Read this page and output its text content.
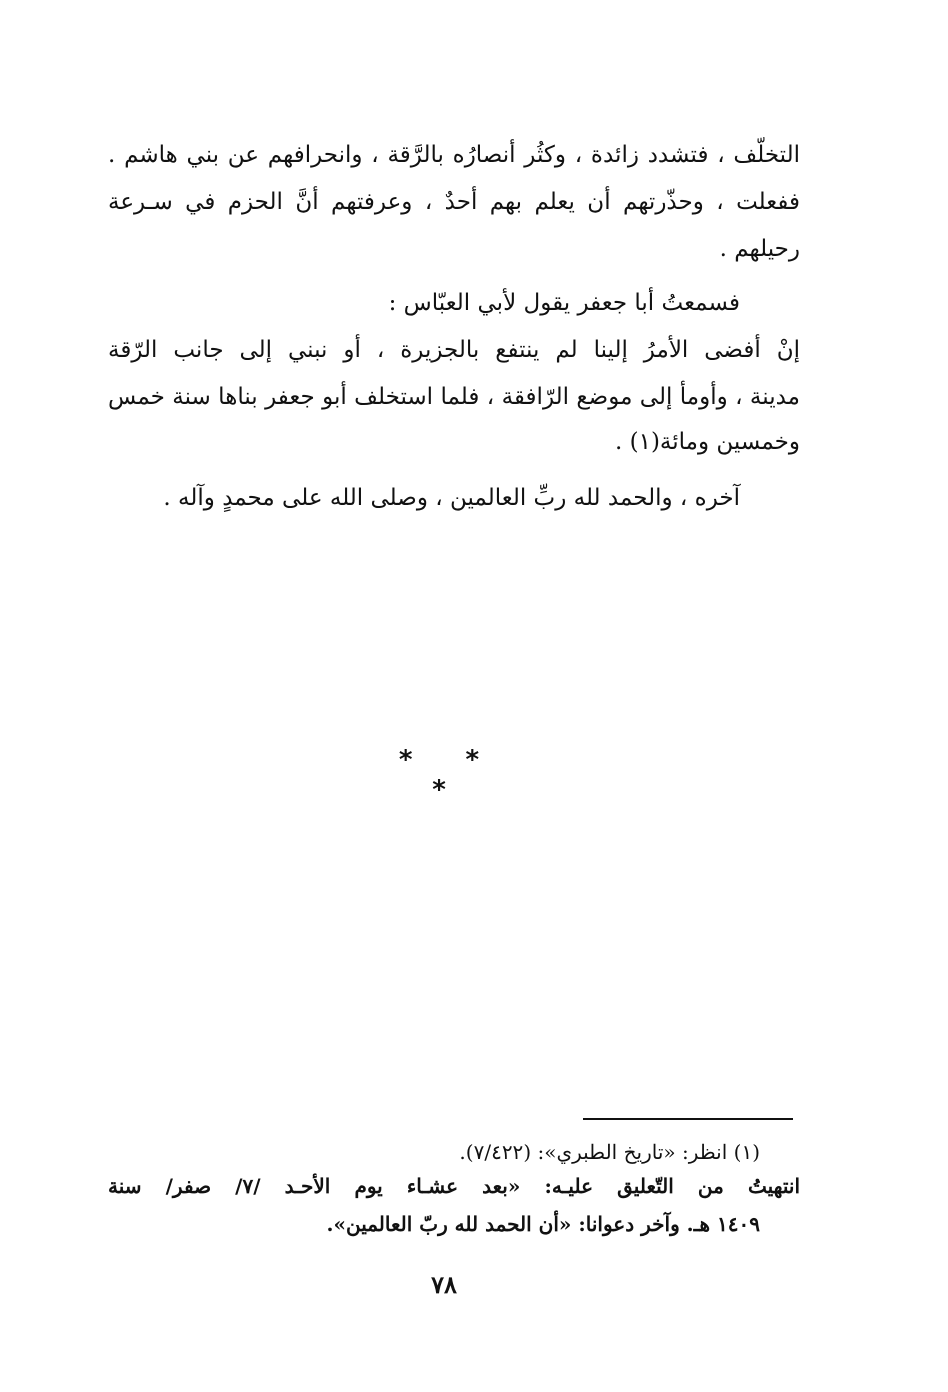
التخلّف ، فتشدد زائدة ، وكثُر أنصارُه بالرَّقة ، وانحرافهم عن بني هاشم .
ففعلت ، وحذّرتهم أن يعلم بهم أحدٌ ، وعرفتهم أنَّ الحزم في سـرعة
رحيلهم .
فسمعتُ أبا جعفر يقول لأبي العبّاس :
إنْ أفضى الأمرُ إلينا لم ينتفع بالجزيرة ، أو نبني إلى جانب الرّقة
مدينة ، وأومأ إلى موضع الرّافقة ، فلما استخلف أبو جعفر بناها سنة خمس
وخمسين ومائة(١) .
آخره ، والحمد لله ربِّ العالمين ، وصلى الله على محمدٍ وآله .
* * *
(١) انظر: «تاريخ الطبري»: (٧/٤٢٢).
انتهيتُ من التّعليق عليـه: «بعد عشـاء يوم الأحـد /٧/ صفر/ سنة
١٤٠٩ هـ. وآخر دعوانا: «أن الحمد لله ربّ العالمين».
٧٨
